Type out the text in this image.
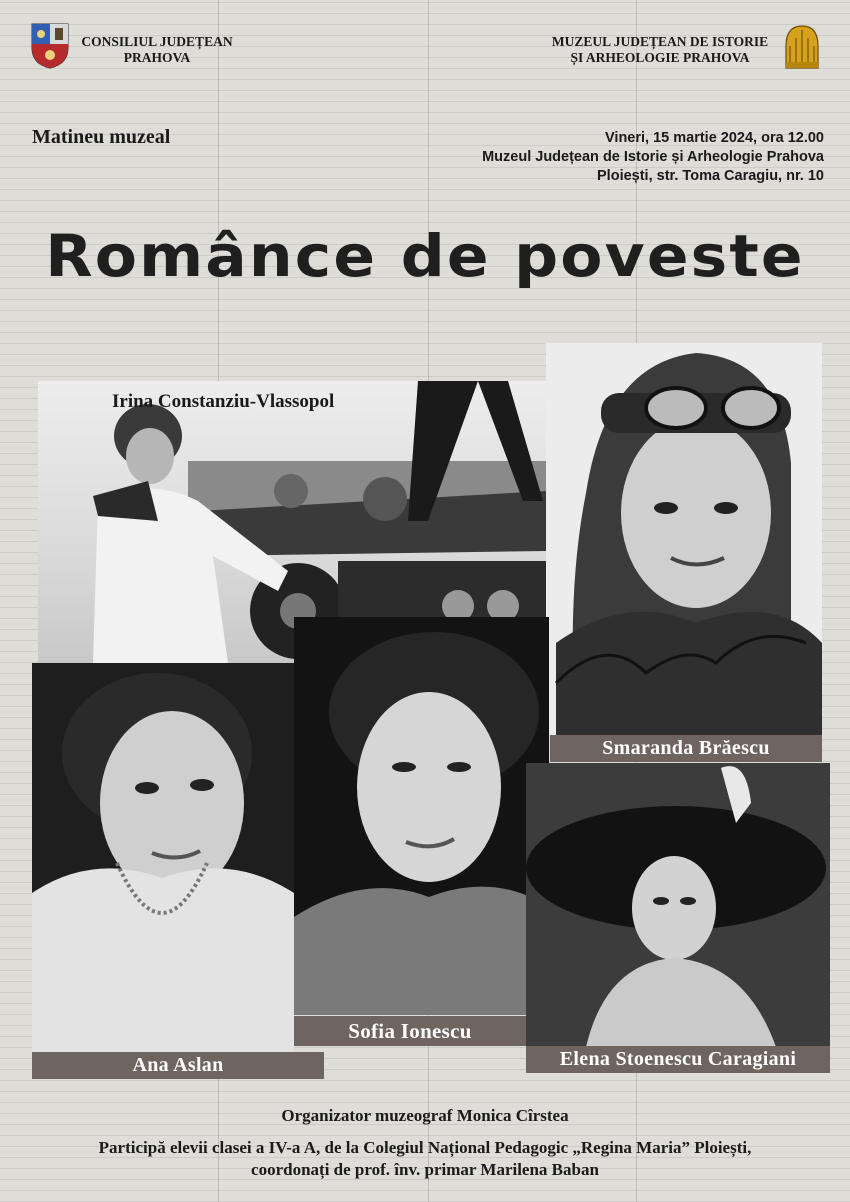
CONSILIUL JUDEȚEAN
PRAHOVA
MUZEUL JUDEȚEAN DE ISTORIE
ȘI ARHEOLOGIE PRAHOVA
Matineu muzeal	Vineri, 15 martie 2024, ora 12.00
Muzeul Județean de Istorie și Arheologie Prahova
Ploiești, str. Toma Caragiu, nr. 10
Românce de poveste
Irina Constanziu-Vlassopol
Smaranda Brăescu
Ana Aslan
Sofia Ionescu
Elena Stoenescu Caragiani
Organizator muzeograf Monica Cîrstea
Participă elevii clasei a IV-a A, de la Colegiul Național Pedagogic „Regina Maria” Ploiești,
coordonați de prof. înv. primar Marilena Baban
